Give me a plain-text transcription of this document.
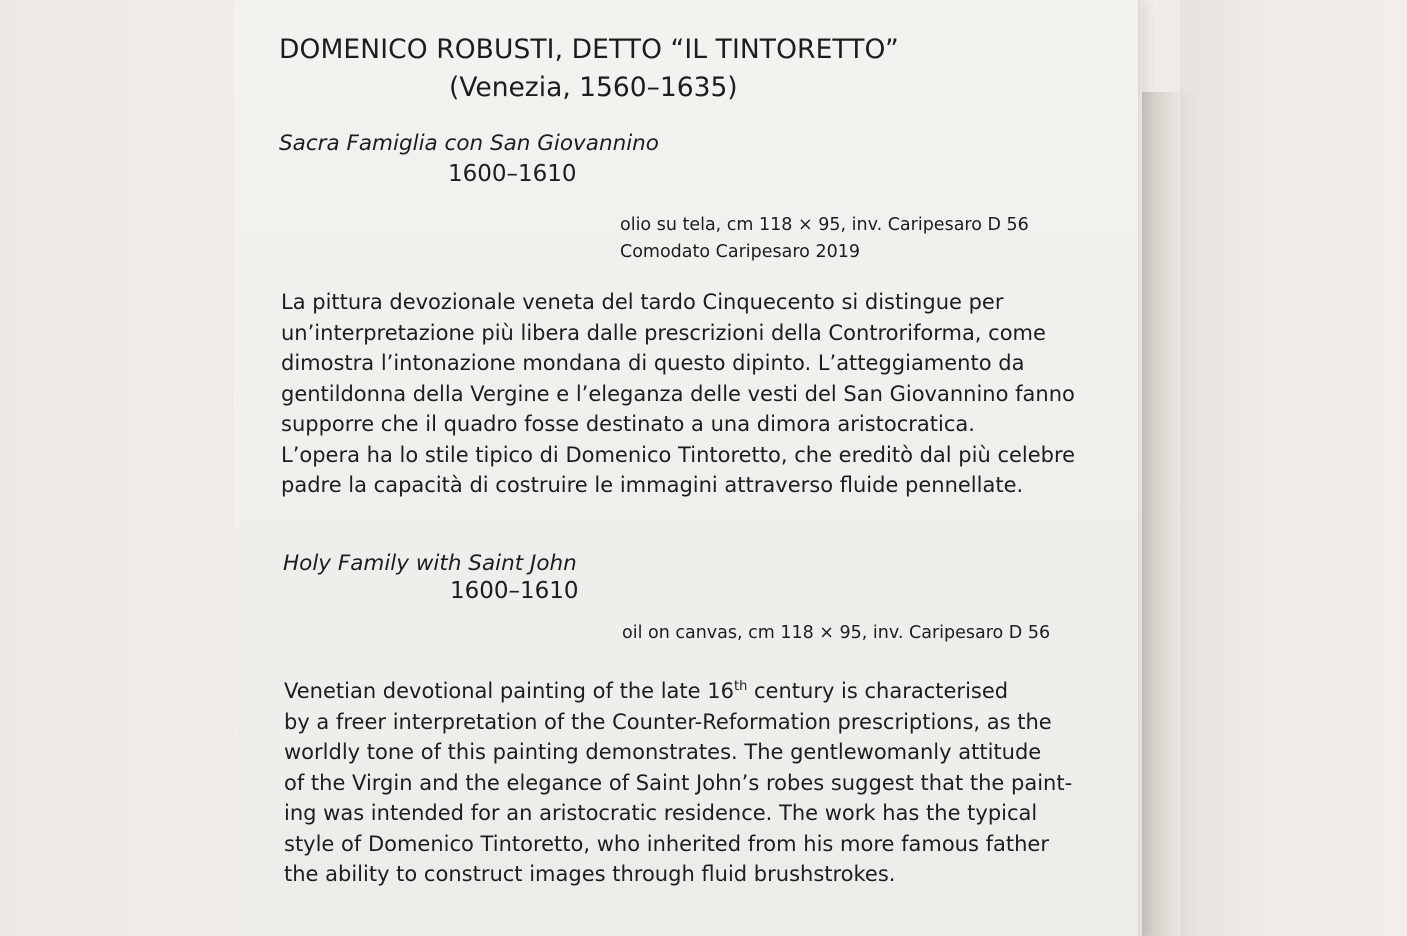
DOMENICO ROBUSTI, DETTO “IL TINTORETTO”

(Venezia, 1560–1635)

Sacra Famiglia con San Giovannino

1600–1610

olio su tela, cm 118 × 95, inv. Caripesaro D 56
Comodato Caripesaro 2019
La pittura devozionale veneta del tardo Cinquecento si distingue per
un’interpretazione più libera dalle prescrizioni della Controriforma, come
dimostra l’intonazione mondana di questo dipinto. L’atteggiamento da
gentildonna della Vergine e l’eleganza delle vesti del San Giovannino fanno
supporre che il quadro fosse destinato a una dimora aristocratica.
L’opera ha lo stile tipico di Domenico Tintoretto, che ereditò dal più celebre
padre la capacità di costruire le immagini attraverso fluide pennellate.

Holy Family with Saint John

1600–1610

oil on canvas, cm 118 × 95, inv. Caripesaro D 56

Venetian devotional painting of the late 16th century is characterised
by a freer interpretation of the Counter-Reformation prescriptions, as the
worldly tone of this painting demonstrates. The gentlewomanly attitude
of the Virgin and the elegance of Saint John’s robes suggest that the paint-
ing was intended for an aristocratic residence. The work has the typical
style of Domenico Tintoretto, who inherited from his more famous father
the ability to construct images through fluid brushstrokes.
